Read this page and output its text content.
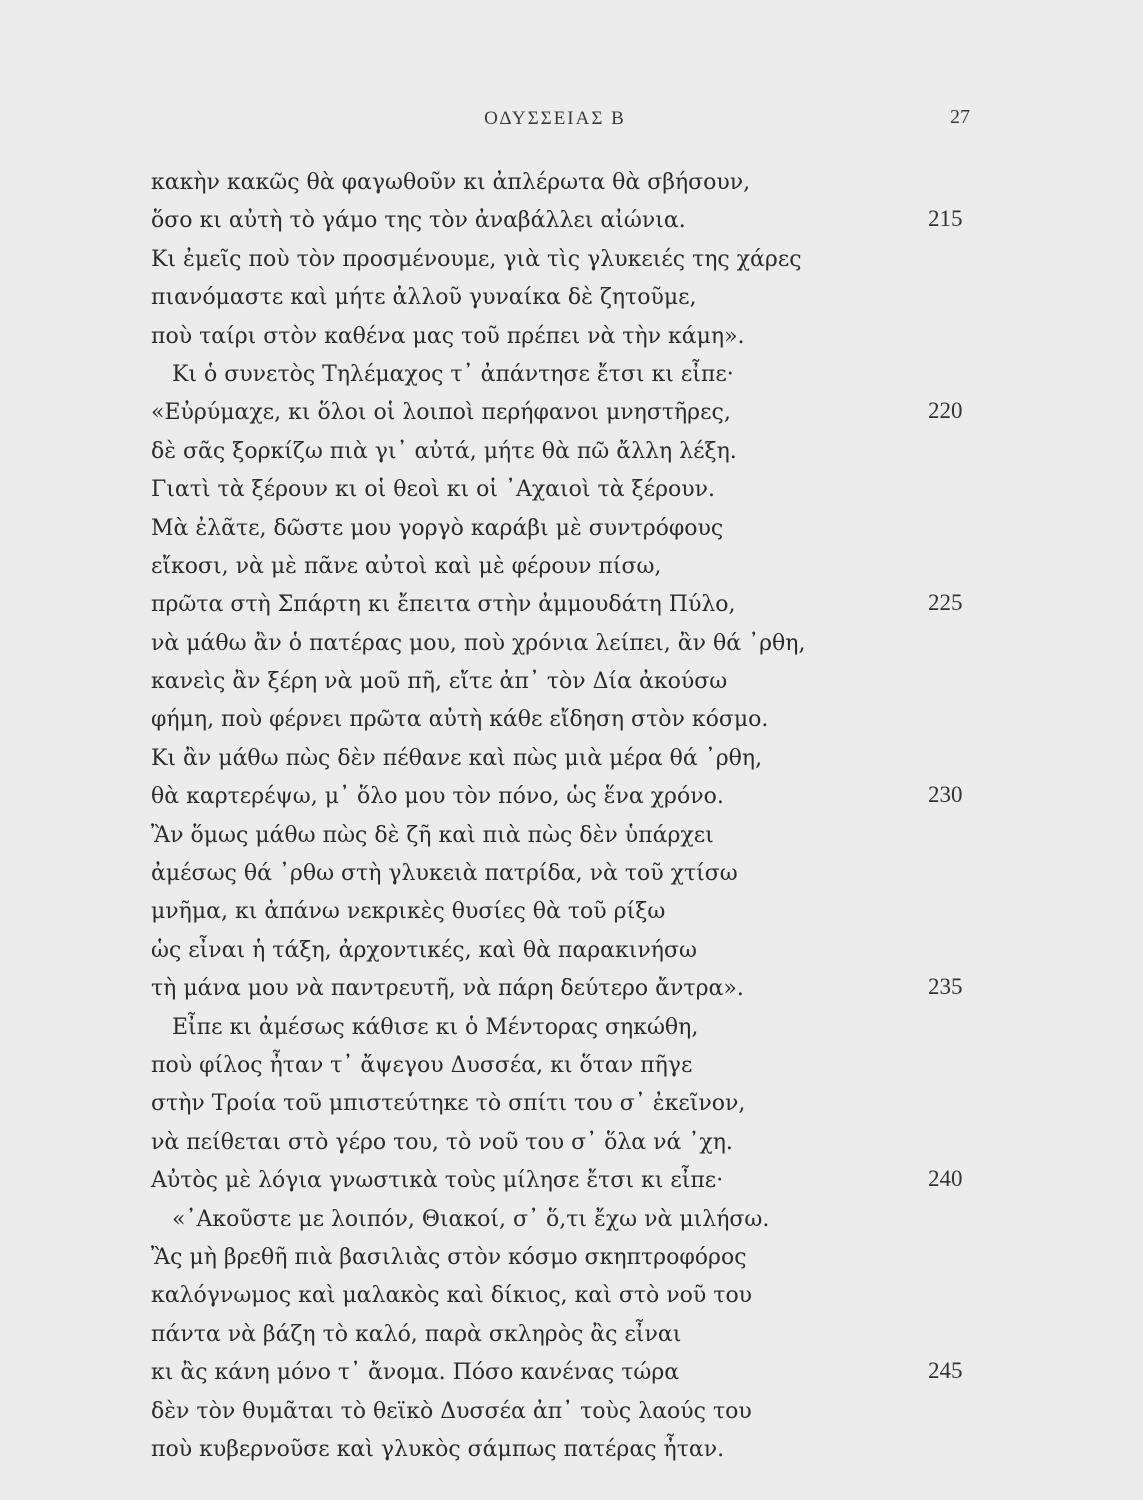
ΟΔΥΣΣΕΙΑΣ Β	27
κακὴν κακῶς θὰ φαγωθοῦν κι ἀπλέρωτα θὰ σβήσουν,
ὅσο κι αὐτὴ τὸ γάμο της τὸν ἀναβάλλει αἰώνια.	215
Κι ἐμεῖς ποὺ τὸν προσμένουμε, γιὰ τὶς γλυκειές της χάρες
πιανόμαστε καὶ μήτε ἀλλοῦ γυναίκα δὲ ζητοῦμε,
ποὺ ταίρι στὸν καθένα μας τοῦ πρέπει νὰ τὴν κάμη».
Κι ὁ συνετὸς Τηλέμαχος τ᾽ ἀπάντησε ἔτσι κι εἶπε·
«Εὐρύμαχε, κι ὅλοι οἱ λοιποὶ περήφανοι μνηστῆρες,	220
δὲ σᾶς ξορκίζω πιὰ γι᾽ αὐτά, μήτε θὰ πῶ ἄλλη λέξη.
Γιατὶ τὰ ξέρουν κι οἱ θεοὶ κι οἱ ᾽Αχαιοὶ τὰ ξέρουν.
Μὰ ἐλᾶτε, δῶστε μου γοργὸ καράβι μὲ συντρόφους
εἴκοσι, νὰ μὲ πᾶνε αὐτοὶ καὶ μὲ φέρουν πίσω,
πρῶτα στὴ Σπάρτη κι ἔπειτα στὴν ἀμμουδάτη Πύλο,	225
νὰ μάθω ἂν ὁ πατέρας μου, ποὺ χρόνια λείπει, ἂν θά ᾽ρθη,
κανεὶς ἂν ξέρη νὰ μοῦ πῆ, εἴτε ἀπ᾽ τὸν Δία ἀκούσω
φήμη, ποὺ φέρνει πρῶτα αὐτὴ κάθε εἴδηση στὸν κόσμο.
Κι ἂν μάθω πὼς δὲν πέθανε καὶ πὼς μιὰ μέρα θά ᾽ρθη,
θὰ καρτερέψω, μ᾽ ὅλο μου τὸν πόνο, ὡς ἕνα χρόνο.	230
Ἂν ὅμως μάθω πὼς δὲ ζῆ καὶ πιὰ πὼς δὲν ὑπάρχει
ἀμέσως θά ᾽ρθω στὴ γλυκειὰ πατρίδα, νὰ τοῦ χτίσω
μνῆμα, κι ἀπάνω νεκρικὲς θυσίες θὰ τοῦ ρίξω
ὡς εἶναι ἡ τάξη, ἀρχοντικές, καὶ θὰ παρακινήσω
τὴ μάνα μου νὰ παντρευτῆ, νὰ πάρη δεύτερο ἄντρα».	235
Εἶπε κι ἀμέσως κάθισε κι ὁ Μέντορας σηκώθη,
ποὺ φίλος ἦταν τ᾽ ἄψεγου Δυσσέα, κι ὅταν πῆγε
στὴν Τροία τοῦ μπιστεύτηκε τὸ σπίτι του σ᾽ ἐκεῖνον,
νὰ πείθεται στὸ γέρο του, τὸ νοῦ του σ᾽ ὅλα νά ᾽χη.
Αὐτὸς μὲ λόγια γνωστικὰ τοὺς μίλησε ἔτσι κι εἶπε·	240
«᾽Ακοῦστε με λοιπόν, Θιακοί, σ᾽ ὅ,τι ἔχω νὰ μιλήσω.
Ἂς μὴ βρεθῆ πιὰ βασιλιὰς στὸν κόσμο σκηπτροφόρος
καλόγνωμος καὶ μαλακὸς καὶ δίκιος, καὶ στὸ νοῦ του
πάντα νὰ βάζη τὸ καλό, παρὰ σκληρὸς ἂς εἶναι
κι ἂς κάνη μόνο τ᾽ ἄνομα. Πόσο κανένας τώρα	245
δὲν τὸν θυμᾶται τὸ θεϊκὸ Δυσσέα ἀπ᾽ τοὺς λαούς του
ποὺ κυβερνοῦσε καὶ γλυκὸς σάμπως πατέρας ἦταν.
